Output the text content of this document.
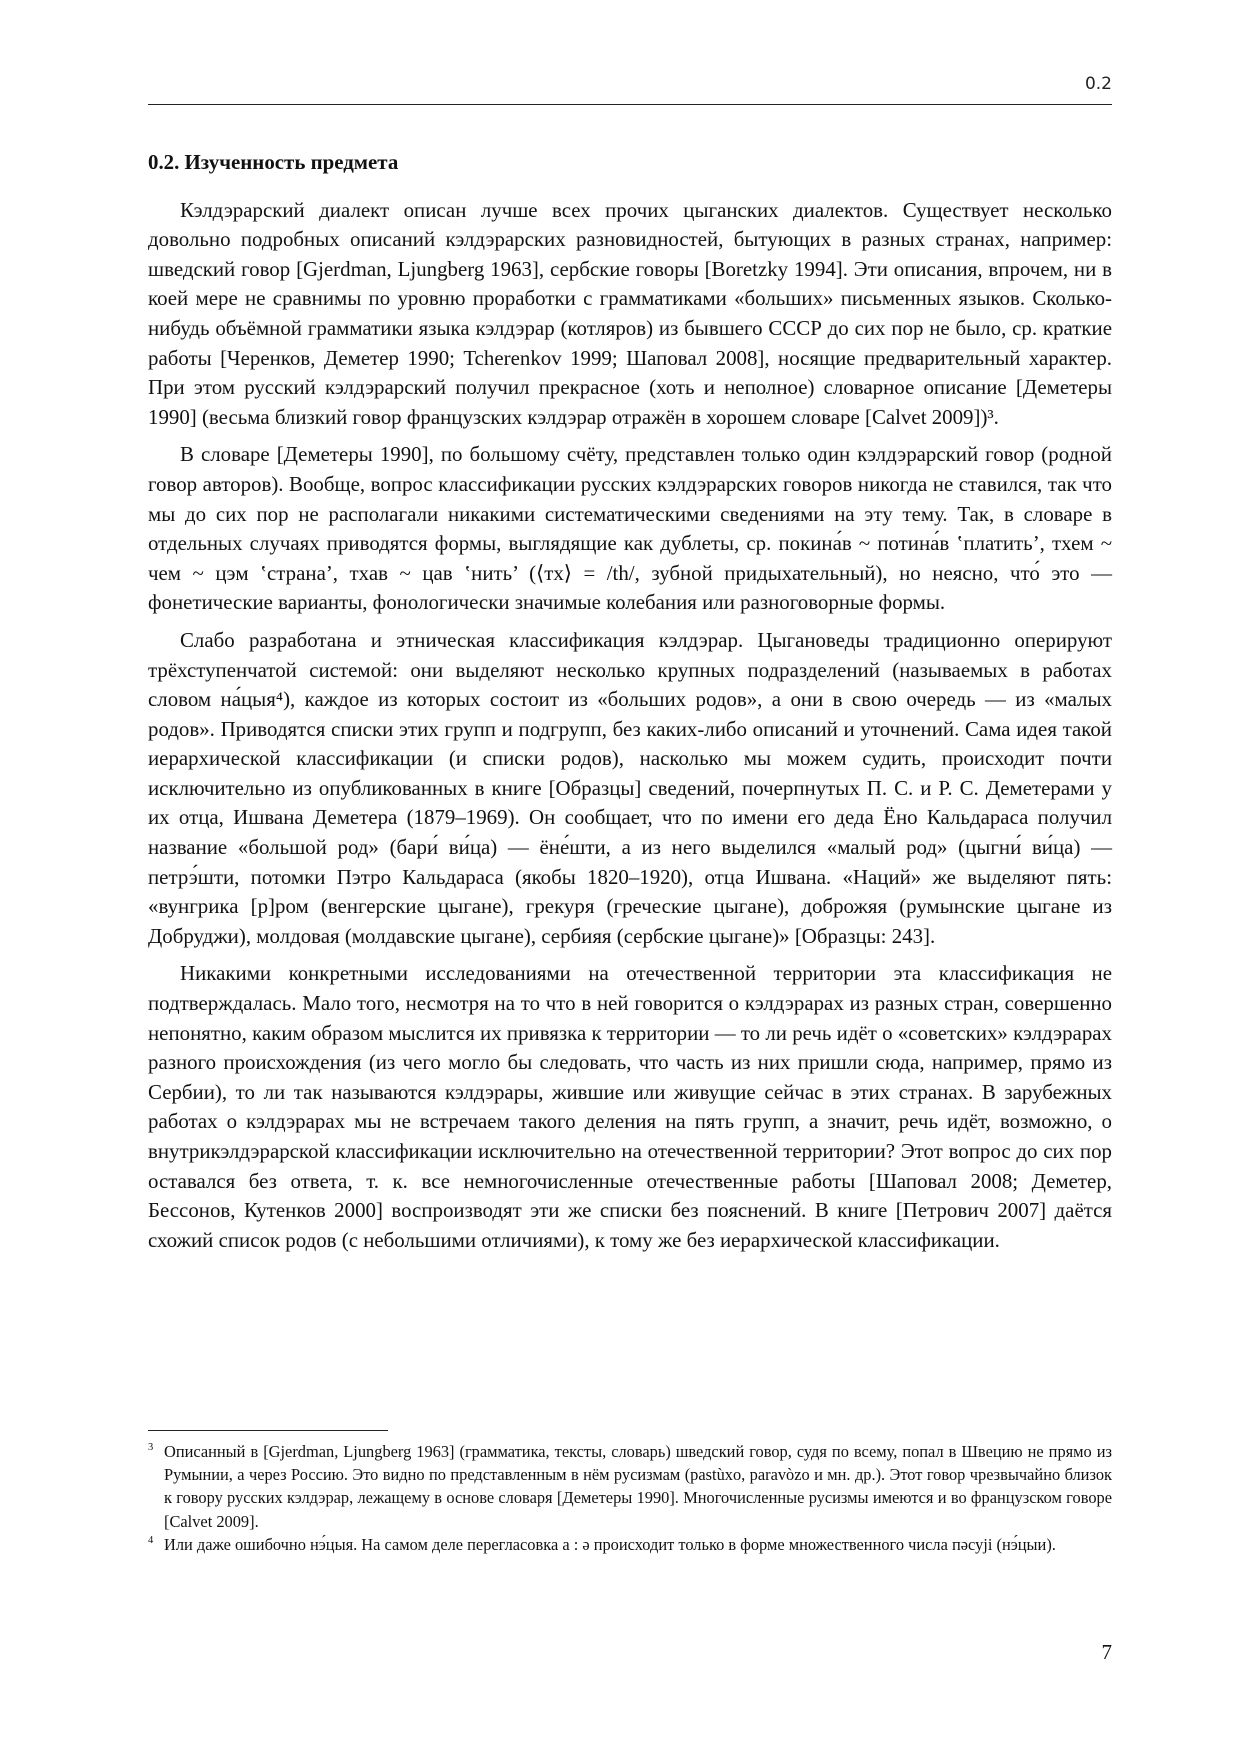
0.2
0.2. Изученность предмета

Кэлдэрарский диалект описан лучше всех прочих цыганских диалектов. Существует несколько довольно подробных описаний кэлдэрарских разновидностей, бытующих в разных странах, например: шведский говор [Gjerdman, Ljungberg 1963], сербские говоры [Boretzky 1994]. Эти описания, впрочем, ни в коей мере не сравнимы по уровню проработки с грамматиками «больших» письменных языков. Сколько-нибудь объёмной грамматики языка кэлдэрар (котляров) из бывшего СССР до сих пор не было, ср. краткие работы [Черенков, Деметер 1990; Tcherenkov 1999; Шаповал 2008], носящие предварительный характер. При этом русский кэлдэрарский получил прекрасное (хоть и неполное) словарное описание [Деметеры 1990] (весьма близкий говор французских кэлдэрар отражён в хорошем словаре [Calvet 2009])³.

В словаре [Деметеры 1990], по большому счёту, представлен только один кэлдэрарский говор (родной говор авторов). Вообще, вопрос классификации русских кэлдэрарских говоров никогда не ставился, так что мы до сих пор не располагали никакими систематическими сведениями на эту тему. Так, в словаре в отдельных случаях приводятся формы, выглядящие как дублеты, ср. покина́в ~ потина́в ʽплатить’, тхем ~ чем ~ цэм ʽстрана’, тхав ~ цав ʽнить’ (⟨тх⟩ = /th/, зубной придыхательный), но неясно, что́ это — фонетические варианты, фонологически значимые колебания или разноговорные формы.

Слабо разработана и этническая классификация кэлдэрар. Цыгановеды традиционно оперируют трёхступенчатой системой: они выделяют несколько крупных подразделений (называемых в работах словом на́цыя⁴), каждое из которых состоит из «больших родов», а они в свою очередь — из «малых родов». Приводятся списки этих групп и подгрупп, без каких-либо описаний и уточнений. Сама идея такой иерархической классификации (и списки родов), насколько мы можем судить, происходит почти исключительно из опубликованных в книге [Образцы] сведений, почерпнутых П. С. и Р. С. Деметерами у их отца, Ишвана Деметера (1879–1969). Он сообщает, что по имени его деда Ёно Кальдараса получил название «большой род» (бари́ ви́ца) — ёне́шти, а из него выделился «малый род» (цыгни́ ви́ца) — петрэ́шти, потомки Пэтро Кальдараса (якобы 1820–1920), отца Ишвана. «Наций» же выделяют пять: «вунгрика [р]ром (венгерские цыгане), грекуря (греческие цыгане), доброжяя (румынские цыгане из Добруджи), молдовая (молдавские цыгане), сербияя (сербские цыгане)» [Образцы: 243].

Никакими конкретными исследованиями на отечественной территории эта классификация не подтверждалась. Мало того, несмотря на то что в ней говорится о кэлдэрарах из разных стран, совершенно непонятно, каким образом мыслится их привязка к территории — то ли речь идёт о «советских» кэлдэрарах разного происхождения (из чего могло бы следовать, что часть из них пришли сюда, например, прямо из Сербии), то ли так называются кэлдэрары, жившие или живущие сейчас в этих странах. В зарубежных работах о кэлдэрарах мы не встречаем такого деления на пять групп, а значит, речь идёт, возможно, о внутрикэлдэрарской классификации исключительно на отечественной территории? Этот вопрос до сих пор оставался без ответа, т. к. все немногочисленные отечественные работы [Шаповал 2008; Деметер, Бессонов, Кутенков 2000] воспроизводят эти же списки без пояснений. В книге [Петрович 2007] даётся схожий список родов (с небольшими отличиями), к тому же без иерархической классификации.

3 Описанный в [Gjerdman, Ljungberg 1963] (грамматика, тексты, словарь) шведский говор, судя по всему, попал в Швецию не прямо из Румынии, а через Россию. Это видно по представленным в нём русизмам (pastùxo, paravòzo и мн. др.). Этот говор чрезвычайно близок к говору русских кэлдэрар, лежащему в основе словаря [Деметеры 1990]. Многочисленные русизмы имеются и во французском говоре [Calvet 2009].

4 Или даже ошибочно нэ́цыя. На самом деле перегласовка а : ә происходит только в форме множественного числа пәсуjі (нэ́цыи).

7
